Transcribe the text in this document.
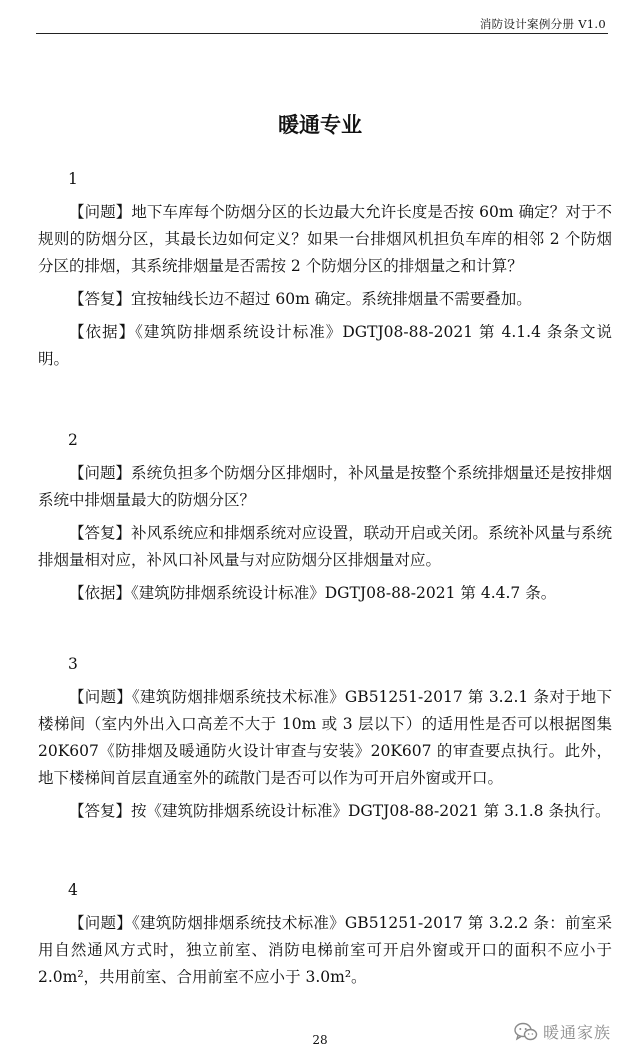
消防设计案例分册 V1.0
暖通专业
1

【问题】地下车库每个防烟分区的长边最大允许长度是否按 60m 确定？对于不规则的防烟分区，其最长边如何定义？如果一台排烟风机担负车库的相邻 2 个防烟分区的排烟，其系统排烟量是否需按 2 个防烟分区的排烟量之和计算？

【答复】宜按轴线长边不超过 60m 确定。系统排烟量不需要叠加。

【依据】《建筑防排烟系统设计标准》DGTJ08-88-2021 第 4.1.4 条条文说明。

2

【问题】系统负担多个防烟分区排烟时，补风量是按整个系统排烟量还是按排烟系统中排烟量最大的防烟分区？

【答复】补风系统应和排烟系统对应设置，联动开启或关闭。系统补风量与系统排烟量相对应，补风口补风量与对应防烟分区排烟量对应。

【依据】《建筑防排烟系统设计标准》DGTJ08-88-2021 第 4.4.7 条。

3

【问题】《建筑防烟排烟系统技术标准》GB51251-2017 第 3.2.1 条对于地下楼梯间（室内外出入口高差不大于 10m 或 3 层以下）的适用性是否可以根据图集 20K607《防排烟及暖通防火设计审查与安装》20K607 的审查要点执行。此外，地下楼梯间首层直通室外的疏散门是否可以作为可开启外窗或开口。

【答复】按《建筑防排烟系统设计标准》DGTJ08-88-2021 第 3.1.8 条执行。

4

【问题】《建筑防烟排烟系统技术标准》GB51251-2017 第 3.2.2 条：前室采用自然通风方式时，独立前室、消防电梯前室可开启外窗或开口的面积不应小于 2.0m²，共用前室、合用前室不应小于 3.0m²。

28	暖通家族
